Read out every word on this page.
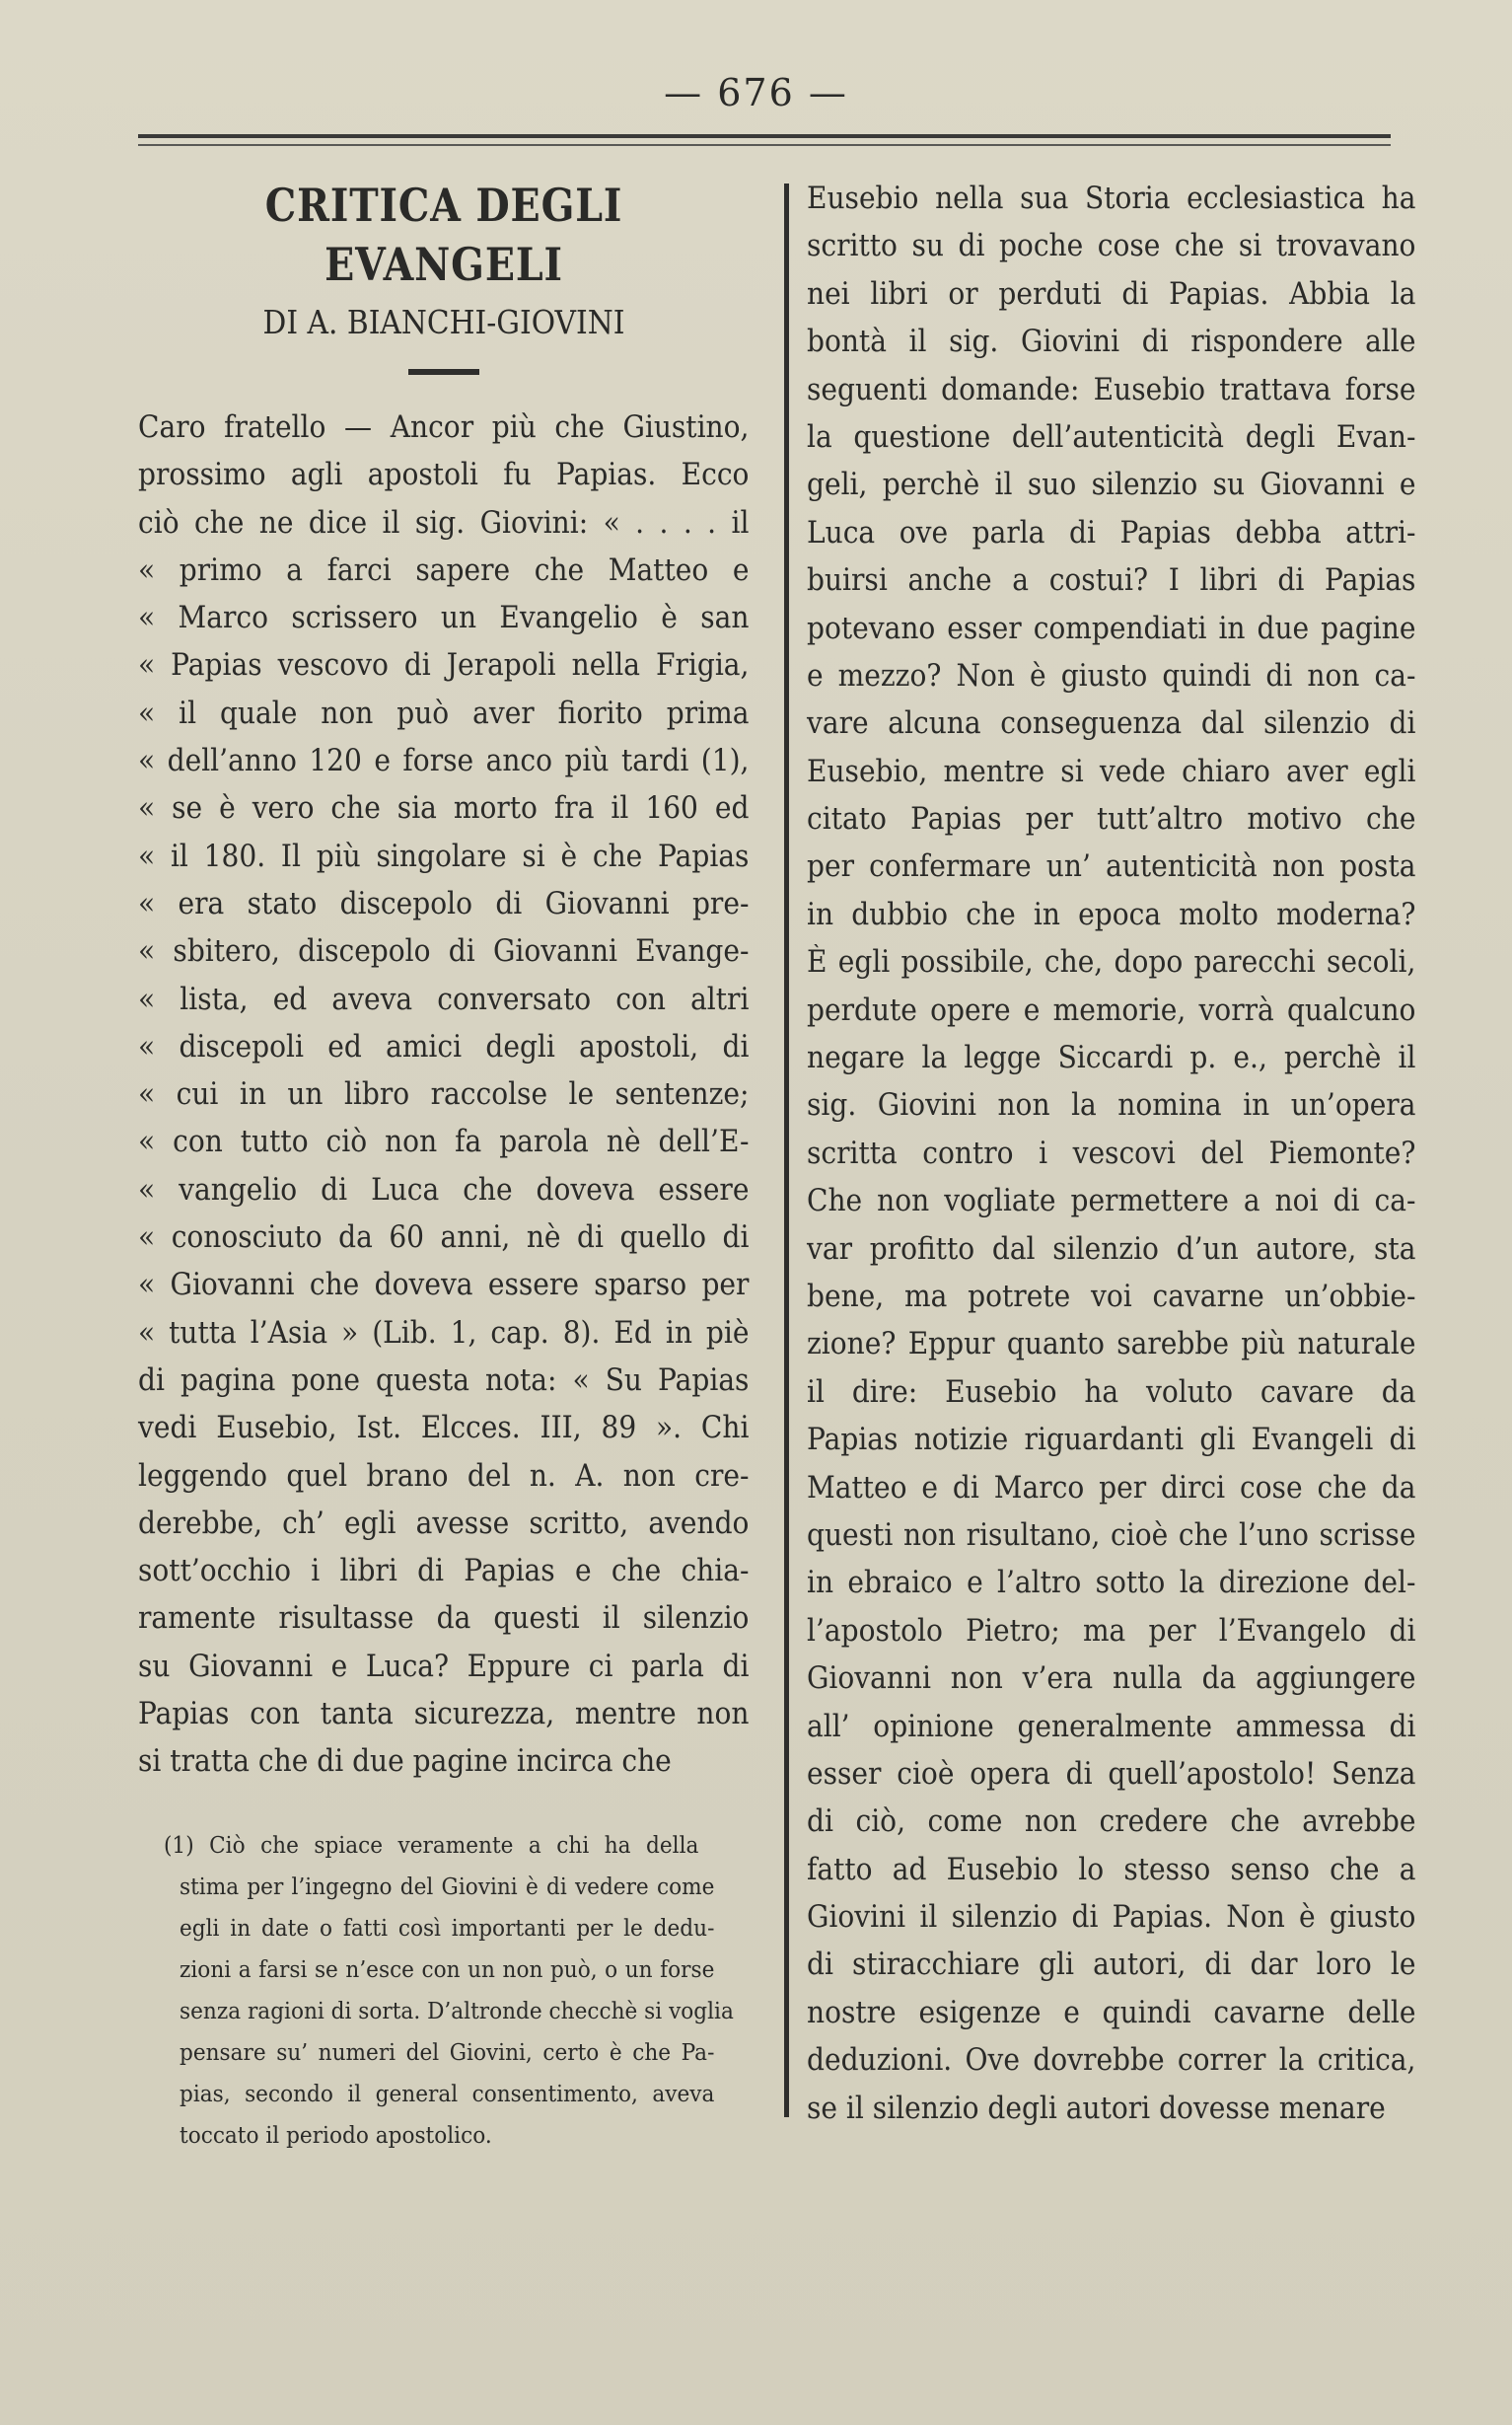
— 676 —
CRITICA DEGLI EVANGELI
DI A. BIANCHI-GIOVINI
Caro fratello — Ancor più che Giustino,
prossimo agli apostoli fu Papias. Ecco
ciò che ne dice il sig. Giovini: « . . . . il
« primo a farci sapere che Matteo e
« Marco scrissero un Evangelio è san
« Papias vescovo di Jerapoli nella Frigia,
« il quale non può aver fiorito prima
« dell’anno 120 e forse anco più tardi (1),
« se è vero che sia morto fra il 160 ed
« il 180. Il più singolare si è che Papias
« era stato discepolo di Giovanni pre-
« sbitero, discepolo di Giovanni Evange-
« lista, ed aveva conversato con altri
« discepoli ed amici degli apostoli, di
« cui in un libro raccolse le sentenze;
« con tutto ciò non fa parola nè dell’E-
« vangelio di Luca che doveva essere
« conosciuto da 60 anni, nè di quello di
« Giovanni che doveva essere sparso per
« tutta l’Asia » (Lib. 1, cap. 8). Ed in piè
di pagina pone questa nota: « Su Papias
vedi Eusebio, Ist. Elcces. III, 89 ». Chi
leggendo quel brano del n. A. non cre-
derebbe, ch’ egli avesse scritto, avendo
sott’occhio i libri di Papias e che chia-
ramente risultasse da questi il silenzio
su Giovanni e Luca? Eppure ci parla di
Papias con tanta sicurezza, mentre non
si tratta che di due pagine incirca che
(1) Ciò che spiace veramente a chi ha della
stima per l’ingegno del Giovini è di vedere come
egli in date o fatti così importanti per le dedu-
zioni a farsi se n’esce con un non può, o un forse
senza ragioni di sorta. D’altronde checchè si voglia
pensare su’ numeri del Giovini, certo è che Pa-
pias, secondo il general consentimento, aveva
toccato il periodo apostolico.
Eusebio nella sua Storia ecclesiastica ha
scritto su di poche cose che si trovavano
nei libri or perduti di Papias. Abbia la
bontà il sig. Giovini di rispondere alle
seguenti domande: Eusebio trattava forse
la questione dell’autenticità degli Evan-
geli, perchè il suo silenzio su Giovanni e
Luca ove parla di Papias debba attri-
buirsi anche a costui? I libri di Papias
potevano esser compendiati in due pagine
e mezzo? Non è giusto quindi di non ca-
vare alcuna conseguenza dal silenzio di
Eusebio, mentre si vede chiaro aver egli
citato Papias per tutt’altro motivo che
per confermare un’ autenticità non posta
in dubbio che in epoca molto moderna?
È egli possibile, che, dopo parecchi secoli,
perdute opere e memorie, vorrà qualcuno
negare la legge Siccardi p. e., perchè il
sig. Giovini non la nomina in un’opera
scritta contro i vescovi del Piemonte?
Che non vogliate permettere a noi di ca-
var profitto dal silenzio d’un autore, sta
bene, ma potrete voi cavarne un’obbie-
zione? Eppur quanto sarebbe più naturale
il dire: Eusebio ha voluto cavare da
Papias notizie riguardanti gli Evangeli di
Matteo e di Marco per dirci cose che da
questi non risultano, cioè che l’uno scrisse
in ebraico e l’altro sotto la direzione del-
l’apostolo Pietro; ma per l’Evangelo di
Giovanni non v’era nulla da aggiungere
all’ opinione generalmente ammessa di
esser cioè opera di quell’apostolo! Senza
di ciò, come non credere che avrebbe
fatto ad Eusebio lo stesso senso che a
Giovini il silenzio di Papias. Non è giusto
di stiracchiare gli autori, di dar loro le
nostre esigenze e quindi cavarne delle
deduzioni. Ove dovrebbe correr la critica,
se il silenzio degli autori dovesse menare
